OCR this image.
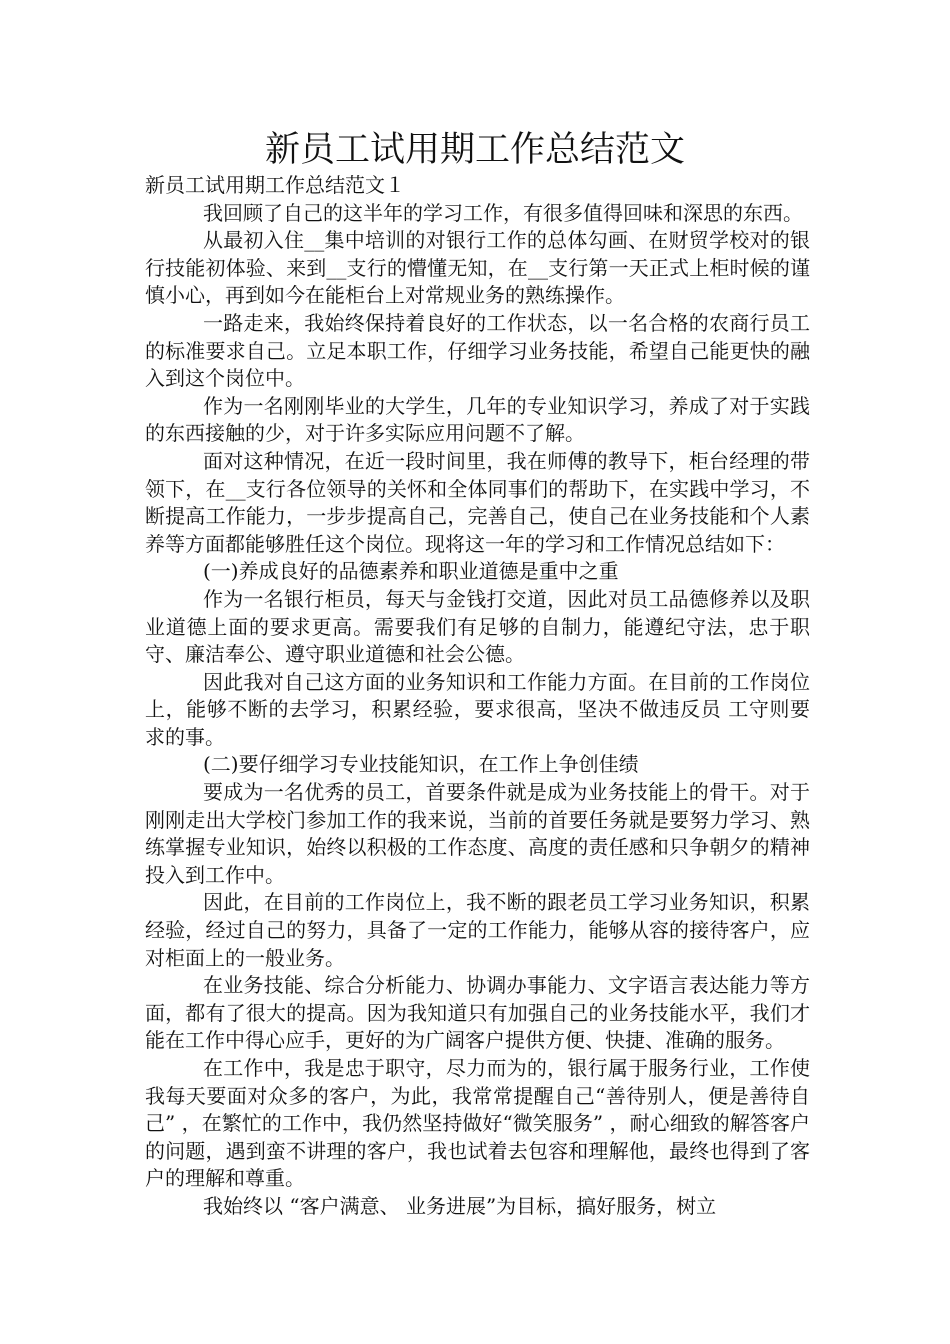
新员工试用期工作总结范文

新员工试用期工作总结范文１

我回顾了自己的这半年的学习工作，有很多值得回味和深思的东西。

从最初入住__集中培训的对银行工作的总体勾画、在财贸学校对的银行技能初体验、来到__支行的懵懂无知，在__支行第一天正式上柜时候的谨慎小心，再到如今在能柜台上对常规业务的熟练操作。

一路走来，我始终保持着良好的工作状态，以一名合格的农商行员工的标准要求自己。立足本职工作，仔细学习业务技能，希望自己能更快的融入到这个岗位中。

作为一名刚刚毕业的大学生，几年的专业知识学习，养成了对于实践的东西接触的少，对于许多实际应用问题不了解。

面对这种情况，在近一段时间里，我在师傅的教导下，柜台经理的带领下，在__支行各位领导的关怀和全体同事们的帮助下，在实践中学习，不断提高工作能力，一步步提高自己，完善自己，使自己在业务技能和个人素养等方面都能够胜任这个岗位。现将这一年的学习和工作情况总结如下：

(一)养成良好的品德素养和职业道德是重中之重

作为一名银行柜员，每天与金钱打交道，因此对员工品德修养以及职业道德上面的要求更高。需要我们有足够的自制力，能遵纪守法，忠于职守、廉洁奉公、遵守职业道德和社会公德。

因此我对自己这方面的业务知识和工作能力方面。在目前的工作岗位上，能够不断的去学习，积累经验，要求很高，坚决不做违反员 工守则要求的事。

(二)要仔细学习专业技能知识，在工作上争创佳绩

要成为一名优秀的员工，首要条件就是成为业务技能上的骨干。对于刚刚走出大学校门参加工作的我来说，当前的首要任务就是要努力学习、熟练掌握专业知识，始终以积极的工作态度、高度的责任感和只争朝夕的精神投入到工作中。

因此，在目前的工作岗位上，我不断的跟老员工学习业务知识，积累经验，经过自己的努力，具备了一定的工作能力，能够从容的接待客户，应对柜面上的一般业务。

在业务技能、综合分析能力、协调办事能力、文字语言表达能力等方面，都有了很大的提高。因为我知道只有加强自己的业务技能水平，我们才能在工作中得心应手，更好的为广阔客户提供方便、快捷、准确的服务。

在工作中，我是忠于职守，尽力而为的，银行属于服务行业，工作使我每天要面对众多的客户，为此，我常常提醒自己“善待别人，便是善待自己” ，在繁忙的工作中，我仍然坚持做好“微笑服务” ，耐心细致的解答客户的问题，遇到蛮不讲理的客户，我也试着去包容和理解他，最终也得到了客户的理解和尊重。

我始终以 “客户满意、 业务进展”为目标，搞好服务，树立
